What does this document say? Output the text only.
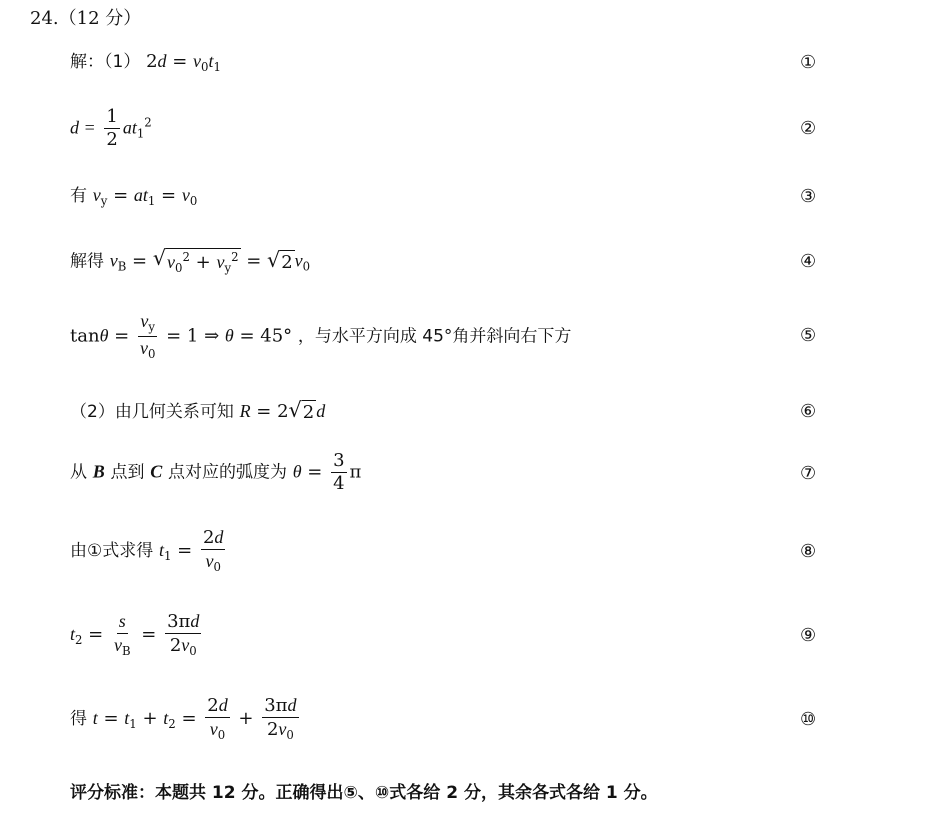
24.（12 分）
解：（1） $2d = v_0t_1$	①
$d = \frac{1}{2} at_1^2$	②
有 $v_y = at_1 = v_0$	③
解得 $v_B$ = √ $v_0^2 + v_y^2$ = √ 2 $v_0$	④
$\tan\theta = \frac{v_y}{v_0} = 1$ ⇒ θ = 45° ，与水平方向成 45°角并斜向右下方	⑤
（2）由几何关系可知 R = 2 √ 2 d	⑥
从 B 点到 C 点对应的弧度为 $\theta = \frac{3}{4}$ π	⑦
由①式求得 $t_1 = \frac{2d}{v_0}$	⑧
$t_2 = \frac{s}{v_B} = \frac{3\pi d}{2v_0}$	⑨
得 $t = t_1 + t_2 = \frac{2d}{v_0} + \frac{3\pi d}{2v_0}$	⑩
评分标准：本题共 12 分。正确得出⑤、⑩式各给 2 分，其余各式各给 1 分。
